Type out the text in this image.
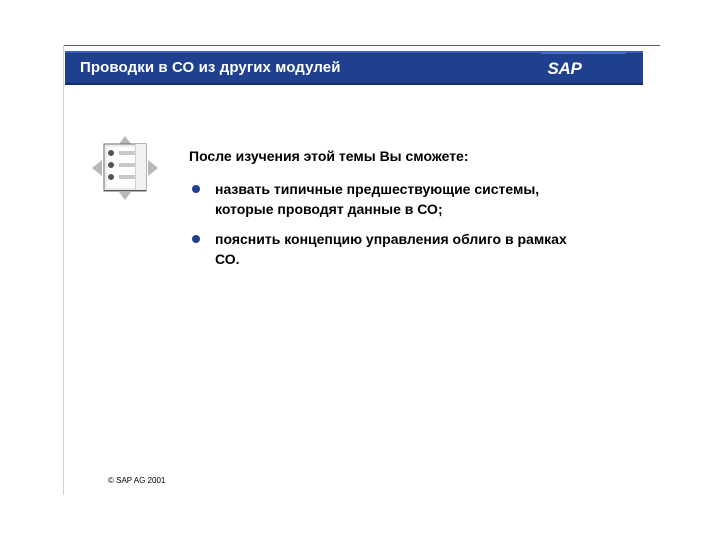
Проводки в СО из других модулей	SAP
После изучения этой темы Вы сможете:
назвать типичные предшествующие системы, которые проводят данные в СО;
пояснить концепцию управления облиго в рамках СО.
© SAP AG 2001
